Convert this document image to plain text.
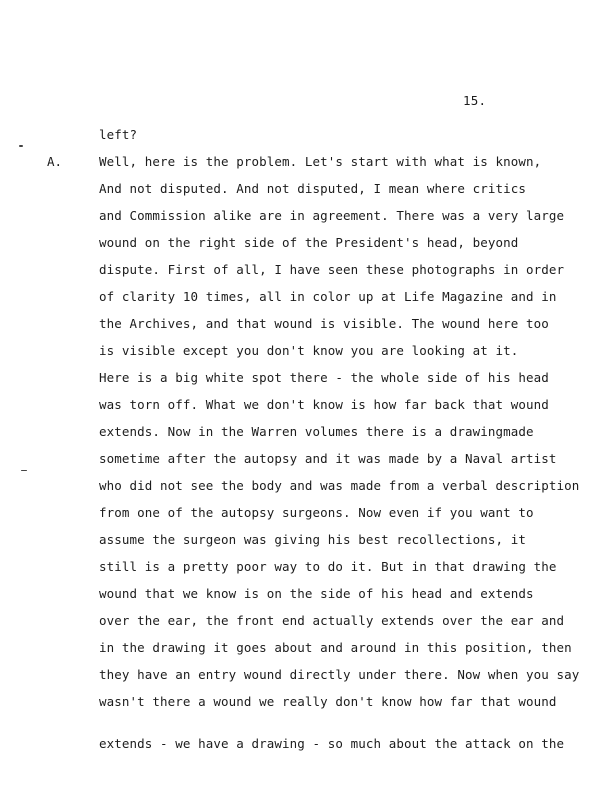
15.
A.
left?
Well, here is the problem. Let's start with what is known,
And not disputed. And not disputed, I mean where critics
and Commission alike are in agreement. There was a very large
wound on the right side of the President's head, beyond
dispute. First of all, I have seen these photographs in order
of clarity 10 times, all in color up at Life Magazine and in
the Archives, and that wound is visible. The wound here too
is visible except you don't know you are looking at it.
Here is a big white spot there - the whole side of his head
was torn off. What we don't know is how far back that wound
extends. Now in the Warren volumes there is a drawingmade
sometime after the autopsy and it was made by a Naval artist
who did not see the body and was made from a verbal description
from one of the autopsy surgeons. Now even if you want to
assume the surgeon was giving his best recollections, it
still is a pretty poor way to do it. But in that drawing the
wound that we know is on the side of his head and extends
over the ear, the front end actually extends over the ear and
in the drawing it goes about and around in this position, then
they have an entry wound directly under there. Now when you say
wasn't there a wound we really don't know how far that wound
extends - we have a drawing - so much about the attack on the
